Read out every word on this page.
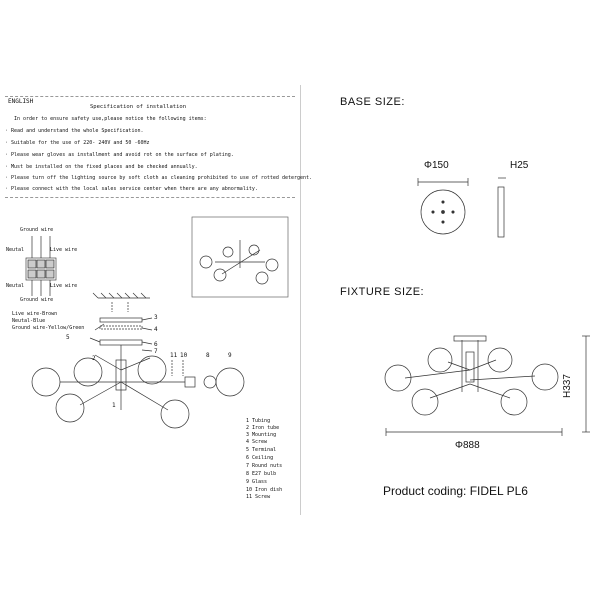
ENGLISH
Specification of installation
In order to ensure safety use,please notice the following items:
· Read and understand the whole Specification.
· Suitable for the use of 220- 240V and 50 -60Hz
· Please wear gloves as installment and avoid rot on the surface of plating.
· Must be installed on the fixed places and be checked annually.
· Please turn off the lighting source by soft cloth as cleaning prohibited to use of rotted detergent.
· Please connect with the local sales service center when there are any abnormality.
Ground wire
Neutal	Live wire
Neutal	Live wire
Ground wire
Live wire-Brown
Neutal-Blue
Ground wire-Yellow/Green
3
4
5
6
7
2	11 10	8	9
1
1 Tubing
2 Iron tube
3 Mounting
4 Screw
5 Terminal
6 Ceiling
7 Round nuts
8 E27 bulb
9 Glass
10 Iron dish
11 Screw
BASE SIZE:
Φ150	H25
FIXTURE SIZE:
Φ888
H337
Product coding: FIDEL PL6
